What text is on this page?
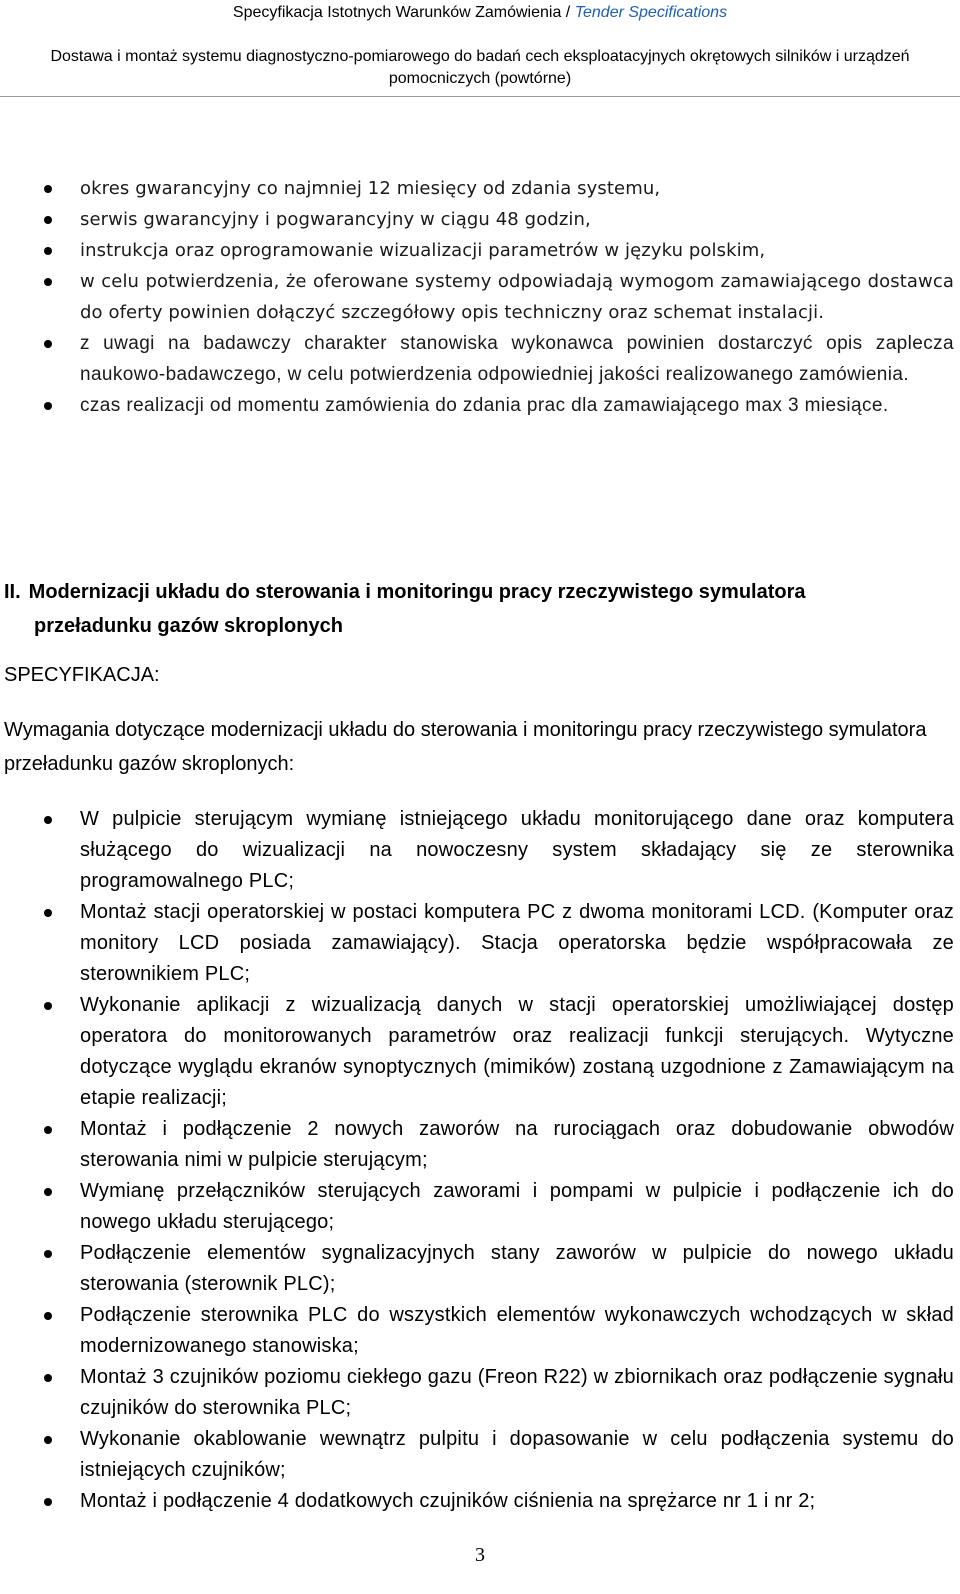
Specyfikacja Istotnych Warunków Zamówienia / Tender Specifications
Dostawa i montaż systemu diagnostyczno-pomiarowego do badań cech eksploatacyjnych okrętowych silników i urządzeń pomocniczych (powtórne)
okres gwarancyjny co najmniej 12 miesięcy od zdania systemu,
serwis gwarancyjny i pogwarancyjny w ciągu 48 godzin,
instrukcja oraz oprogramowanie wizualizacji parametrów w języku polskim,
w celu potwierdzenia, że oferowane systemy odpowiadają wymogom zamawiającego dostawca do oferty powinien dołączyć szczegółowy opis techniczny oraz schemat instalacji.
z uwagi na badawczy charakter stanowiska wykonawca powinien dostarczyć opis zaplecza naukowo-badawczego, w celu potwierdzenia odpowiedniej jakości realizowanego zamówienia.
czas realizacji od momentu zamówienia do zdania prac dla zamawiającego max 3 miesiące.
II. Modernizacji układu do sterowania i monitoringu pracy rzeczywistego symulatora
przeładunku gazów skroplonych
SPECYFIKACJA:
Wymagania dotyczące modernizacji układu do sterowania i monitoringu pracy rzeczywistego symulatora przeładunku gazów skroplonych:
W pulpicie sterującym wymianę istniejącego układu monitorującego dane oraz komputera służącego do wizualizacji na nowoczesny system składający się ze sterownika programowalnego PLC;
Montaż stacji operatorskiej w postaci komputera PC z dwoma monitorami LCD. (Komputer oraz monitory LCD posiada zamawiający). Stacja operatorska będzie współpracowała ze sterownikiem PLC;
Wykonanie aplikacji z wizualizacją danych w stacji operatorskiej umożliwiającej dostęp operatora do monitorowanych parametrów oraz realizacji funkcji sterujących. Wytyczne dotyczące wyglądu ekranów synoptycznych (mimików) zostaną uzgodnione z Zamawiającym na etapie realizacji;
Montaż i podłączenie 2 nowych zaworów na rurociągach oraz dobudowanie obwodów sterowania nimi w pulpicie sterującym;
Wymianę przełączników sterujących zaworami i pompami w pulpicie i podłączenie ich do nowego układu sterującego;
Podłączenie elementów sygnalizacyjnych stany zaworów w pulpicie do nowego układu sterowania (sterownik PLC);
Podłączenie sterownika PLC do wszystkich elementów wykonawczych wchodzących w skład modernizowanego stanowiska;
Montaż 3 czujników poziomu ciekłego gazu (Freon R22) w zbiornikach oraz podłączenie sygnału czujników do sterownika PLC;
Wykonanie okablowanie wewnątrz pulpitu i dopasowanie w celu podłączenia systemu do istniejących czujników;
Montaż i podłączenie 4 dodatkowych czujników ciśnienia na sprężarce nr 1 i nr 2;
3
